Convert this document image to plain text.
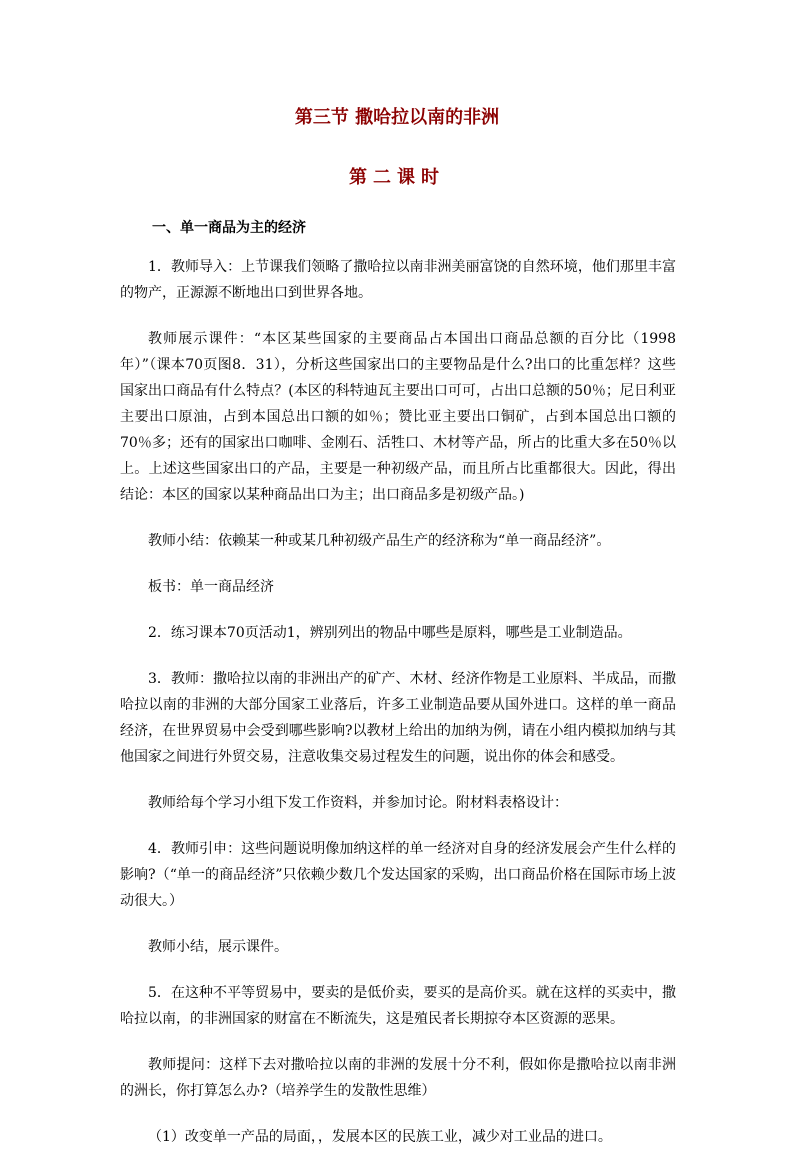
第三节 撒哈拉以南的非洲
第二课时
一、单一商品为主的经济

1．教师导入：上节课我们领略了撒哈拉以南非洲美丽富饶的自然环境，他们那里丰富的物产，正源源不断地出口到世界各地。

教师展示课件：“本区某些国家的主要商品占本国出口商品总额的百分比（1998年）”（课本70页图8．31），分析这些国家出口的主要物品是什么?出口的比重怎样？这些国家出口商品有什么特点？(本区的科特迪瓦主要出口可可，占出口总额的50％；尼日利亚主要出口原油，占到本国总出口额的如％；赞比亚主要出口铜矿，占到本国总出口额的70％多；还有的国家出口咖啡、金刚石、活牲口、木材等产品，所占的比重大多在50％以上。上述这些国家出口的产品，主要是一种初级产品，而且所占比重都很大。因此，得出结论：本区的国家以某种商品出口为主；出口商品多是初级产品。)

教师小结：依赖某一种或某几种初级产品生产的经济称为“单一商品经济”。

板书：单一商品经济

2．练习课本70页活动1，辨别列出的物品中哪些是原料，哪些是工业制造品。

3．教师：撒哈拉以南的非洲出产的矿产、木材、经济作物是工业原料、半成品，而撒哈拉以南的非洲的大部分国家工业落后，许多工业制造品要从国外进口。这样的单一商品经济，在世界贸易中会受到哪些影响?以教材上给出的加纳为例，请在小组内模拟加纳与其他国家之间进行外贸交易，注意收集交易过程发生的问题，说出你的体会和感受。

教师给每个学习小组下发工作资料，并参加讨论。附材料表格设计：

4．教师引申：这些问题说明像加纳这样的单一经济对自身的经济发展会产生什么样的影响?（“单一的商品经济”只依赖少数几个发达国家的采购，出口商品价格在国际市场上波动很大。）

教师小结，展示课件。

5．在这种不平等贸易中，要卖的是低价卖，要买的是高价买。就在这样的买卖中，撒哈拉以南，的非洲国家的财富在不断流失，这是殖民者长期掠夺本区资源的恶果。

教师提问：这样下去对撒哈拉以南的非洲的发展十分不利，假如你是撒哈拉以南非洲的洲长，你打算怎么办?（培养学生的发散性思维）

（1）改变单一产品的局面，，发展本区的民族工业，减少对工业品的进口。
